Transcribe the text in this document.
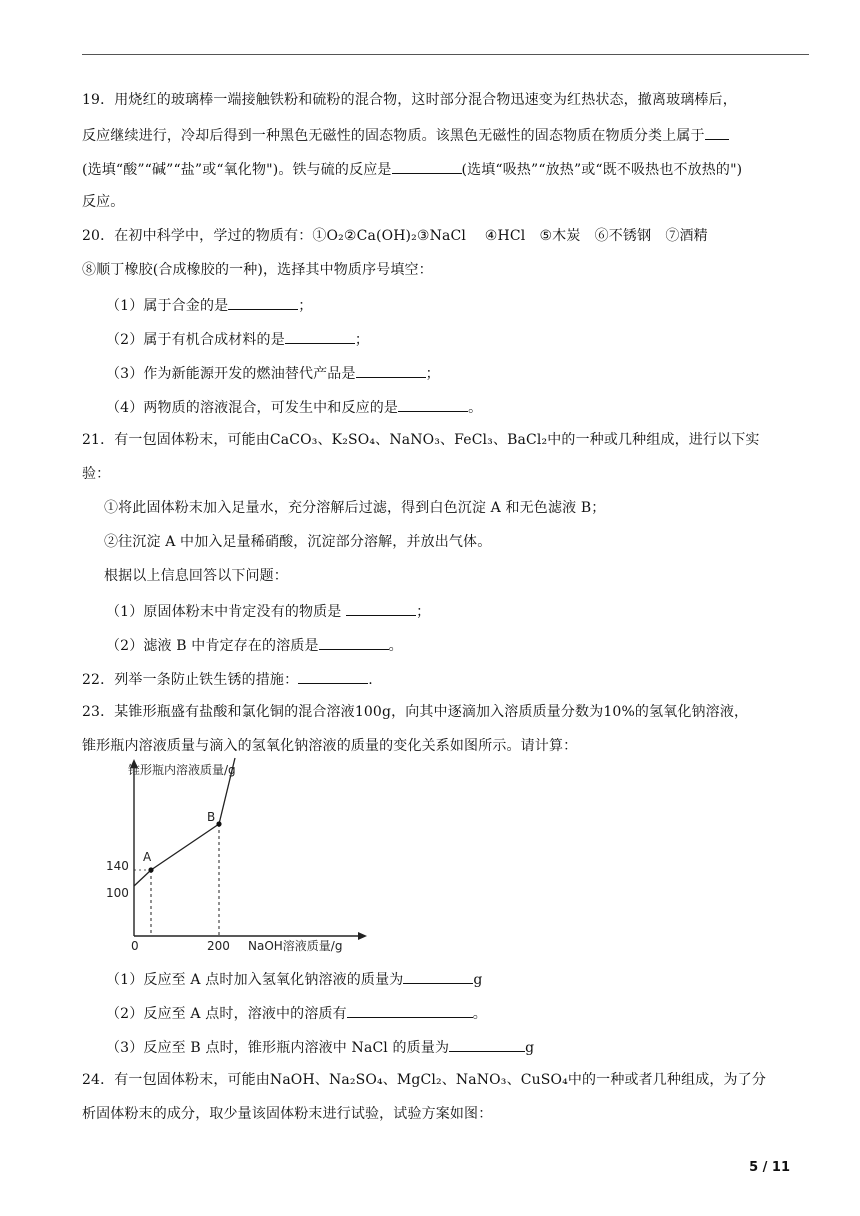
19．用烧红的玻璃棒一端接触铁粉和硫粉的混合物，这时部分混合物迅速变为红热状态，撤离玻璃棒后，
反应继续进行，冷却后得到一种黑色无磁性的固态物质。该黑色无磁性的固态物质在物质分类上属于
(选填“酸”“碱”“盐”或“氧化物")。铁与硫的反应是	(选填“吸热”“放热”或“既不吸热也不放热的")
反应。
20．在初中科学中，学过的物质有：①O₂②Ca(OH)₂③NaCl　 ④HCl　⑤木炭　⑥不锈钢　⑦酒精
⑧顺丁橡胶(合成橡胶的一种)，选择其中物质序号填空：
（1）属于合金的是	；
（2）属于有机合成材料的是	；
（3）作为新能源开发的燃油替代产品是	；
（4）两物质的溶液混合，可发生中和反应的是	。
21．有一包固体粉末，可能由CaCO₃、K₂SO₄、NaNO₃、FeCl₃、BaCl₂中的一种或几种组成，进行以下实
验：
①将此固体粉末加入足量水，充分溶解后过滤，得到白色沉淀 A 和无色滤液 B；
②往沉淀 A 中加入足量稀硝酸，沉淀部分溶解，并放出气体。
根据以上信息回答以下问题：
（1）原固体粉末中肯定没有的物质是	；
（2）滤液 B 中肯定存在的溶质是	。
22．列举一条防止铁生锈的措施：	.
23．某锥形瓶盛有盐酸和氯化铜的混合溶液100g，向其中逐滴加入溶质质量分数为10%的氢氧化钠溶液，
锥形瓶内溶液质量与滴入的氢氧化钠溶液的质量的变化关系如图所示。请计算：
锥形瓶内溶液质量/g
NaOH溶液质量/g
0	200
100
140
A
B
（1）反应至 A 点时加入氢氧化钠溶液的质量为	g
（2）反应至 A 点时，溶液中的溶质有	。
（3）反应至 B 点时，锥形瓶内溶液中 NaCl 的质量为	g
24．有一包固体粉末，可能由NaOH、Na₂SO₄、MgCl₂、NaNO₃、CuSO₄中的一种或者几种组成，为了分
析固体粉末的成分，取少量该固体粉末进行试验，试验方案如图：
5 / 11
